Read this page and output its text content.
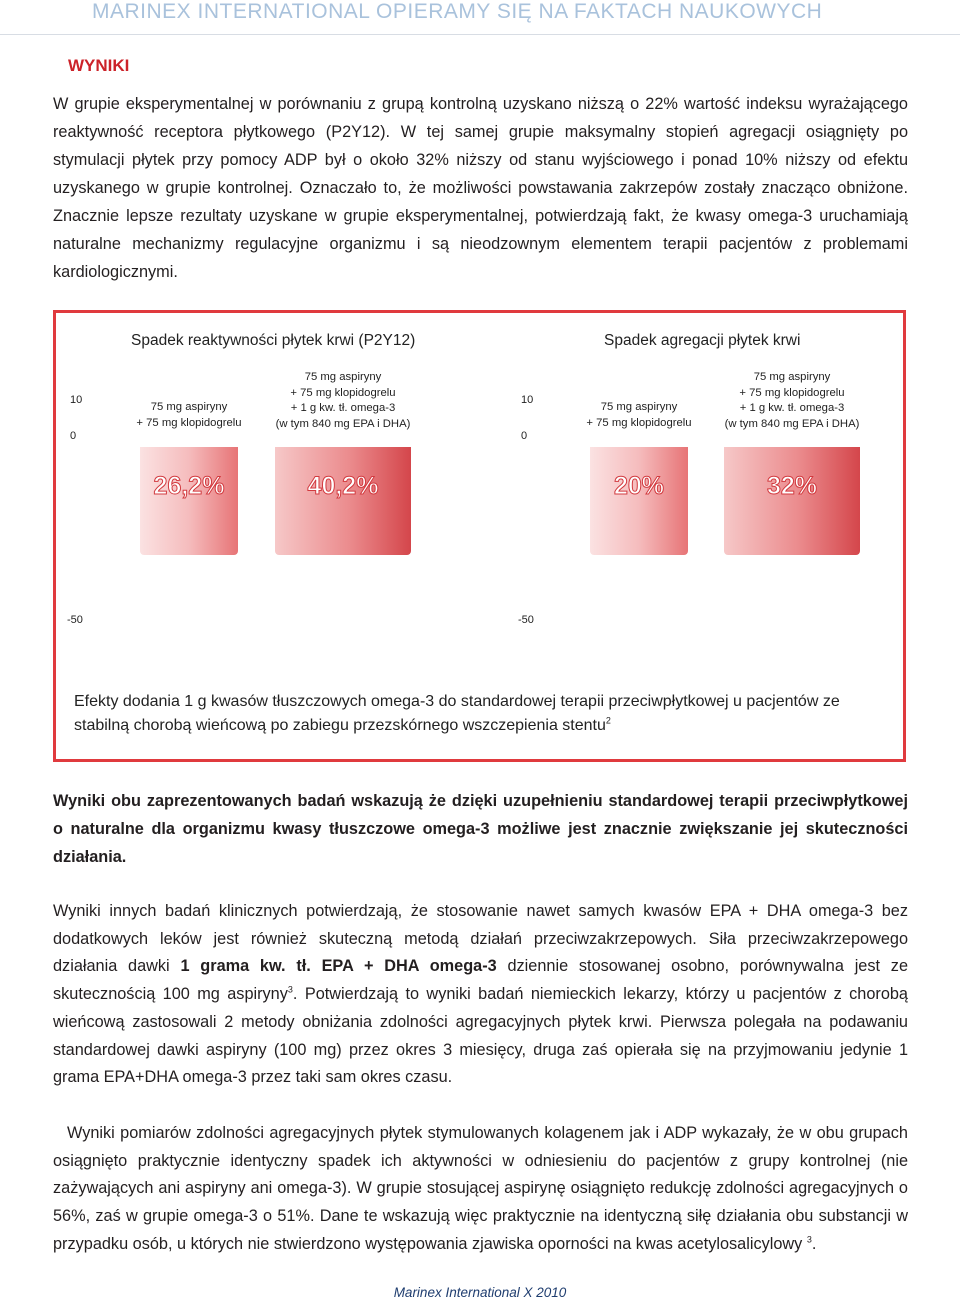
MARINEX INTERNATIONAL OPIERAMY SIĘ NA FAKTACH NAUKOWYCH
WYNIKI
W grupie eksperymentalnej w porównaniu z grupą kontrolną uzyskano niższą o 22% wartość indeksu wyrażającego reaktywność receptora płytkowego (P2Y12). W tej samej grupie maksymalny stopień agregacji osiągnięty po stymulacji płytek przy pomocy ADP był o około 32% niższy od stanu wyjściowego i ponad 10% niższy od efektu uzyskanego w grupie kontrolnej. Oznaczało to, że możliwości powstawania zakrzepów zostały znacząco obniżone. Znacznie lepsze rezultaty uzyskane w grupie eksperymentalnej, potwierdzają fakt, że kwasy omega-3 uruchamiają naturalne mechanizmy regulacyjne organizmu i są nieodzownym elementem terapii pacjentów z problemami kardiologicznymi.
Spadek reaktywności płytek krwi (P2Y12)
10
0
-50
75 mg aspiryny
+ 75 mg klopidogrelu
75 mg aspiryny
+ 75 mg klopidogrelu
+ 1 g kw. tł. omega-3
(w tym 840 mg EPA i DHA)
26,2%	40,2%
Spadek agregacji płytek krwi
10
0
-50
75 mg aspiryny
+ 75 mg klopidogrelu
75 mg aspiryny
+ 75 mg klopidogrelu
+ 1 g kw. tł. omega-3
(w tym 840 mg EPA i DHA)
20%	32%
Efekty dodania 1 g kwasów tłuszczowych omega-3 do standardowej terapii przeciwpłytkowej u pacjentów ze stabilną chorobą wieńcową po zabiegu przezskórnego wszczepienia stentu$^2$
Wyniki obu zaprezentowanych badań wskazują że dzięki uzupełnieniu standardowej terapii przeciwpłytkowej o naturalne dla organizmu kwasy tłuszczowe omega-3 możliwe jest znacznie zwiększanie jej skuteczności działania.
Wyniki innych badań klinicznych potwierdzają, że stosowanie nawet samych kwasów EPA + DHA omega-3 bez dodatkowych leków jest również skuteczną metodą działań przeciwzakrzepowych. Siła przeciwzakrzepowego działania dawki 1 grama kw. tł. EPA + DHA omega-3 dziennie stosowanej osobno, porównywalna jest ze skutecznością 100 mg aspiryny$^3$. Potwierdzają to wyniki badań niemieckich lekarzy, którzy u pacjentów z chorobą wieńcową zastosowali 2 metody obniżania zdolności agregacyjnych płytek krwi. Pierwsza polegała na podawaniu standardowej dawki aspiryny (100 mg) przez okres 3 miesięcy, druga zaś opierała się na przyjmowaniu jedynie 1 grama EPA+DHA omega-3 przez taki sam okres czasu.
Wyniki pomiarów zdolności agregacyjnych płytek stymulowanych kolagenem jak i ADP wykazały, że w obu grupach osiągnięto praktycznie identyczny spadek ich aktywności w odniesieniu do pacjentów z grupy kontrolnej (nie zażywających ani aspiryny ani omega-3). W grupie stosującej aspirynę osiągnięto redukcję zdolności agregacyjnych o 56%, zaś w grupie omega-3 o 51%. Dane te wskazują więc praktycznie na identyczną siłę działania obu substancji w przypadku osób, u których nie stwierdzono występowania zjawiska oporności na kwas acetylosalicylowy $^3$.
Marinex International X 2010
